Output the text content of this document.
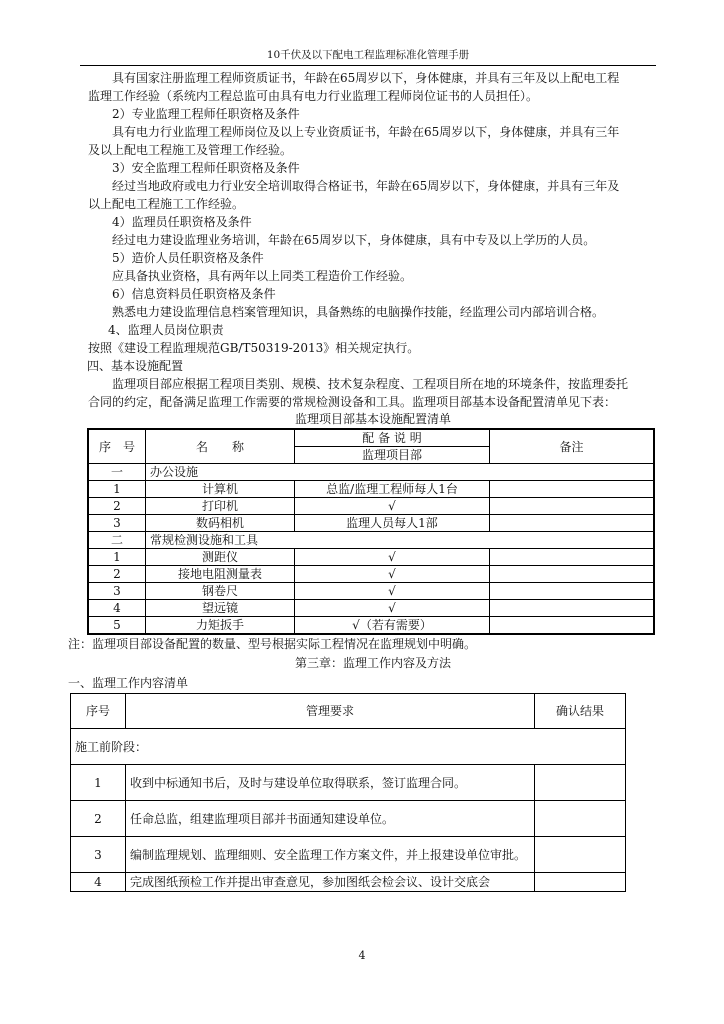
10千伏及以下配电工程监理标准化管理手册

具有国家注册监理工程师资质证书，年龄在65周岁以下，身体健康，并具有三年及以上配电工程

监理工作经验（系统内工程总监可由具有电力行业监理工程师岗位证书的人员担任）。

2）专业监理工程师任职资格及条件

具有电力行业监理工程师岗位及以上专业资质证书，年龄在65周岁以下，身体健康，并具有三年

及以上配电工程施工及管理工作经验。

3）安全监理工程师任职资格及条件

经过当地政府或电力行业安全培训取得合格证书，年龄在65周岁以下，身体健康，并具有三年及

以上配电工程施工工作经验。

4）监理员任职资格及条件

经过电力建设监理业务培训，年龄在65周岁以下，身体健康，具有中专及以上学历的人员。

5）造价人员任职资格及条件

应具备执业资格，具有两年以上同类工程造价工作经验。

6）信息资料员任职资格及条件

熟悉电力建设监理信息档案管理知识，具备熟练的电脑操作技能，经监理公司内部培训合格。

4、监理人员岗位职责

按照《建设工程监理规范GB/T50319-2013》相关规定执行。

四、基本设施配置

监理项目部应根据工程项目类别、规模、技术复杂程度、工程项目所在地的环境条件，按监理委托

合同的约定，配备满足监理工作需要的常规检测设备和工具。监理项目部基本设备配置清单见下表：

监理项目部基本设施配置清单
序　号	名　　称	配 备 说 明	备注
		监理项目部	
一	办公设施		
1	计算机	总监/监理工程师每人1台	
2	打印机	√	
3	数码相机	监理人员每人1部	
二	常规检测设施和工具		
1	测距仪	√	
2	接地电阻测量表	√	
3	钢卷尺	√	
4	望远镜	√	
5	力矩扳手	√（若有需要）	

注：监理项目部设备配置的数量、型号根据实际工程情况在监理规划中明确。

第三章：监理工作内容及方法
一、监理工作内容清单
序号	管理要求	确认结果
施工前阶段：		
1	收到中标通知书后，及时与建设单位取得联系，签订监理合同。	
2	任命总监，组建监理项目部并书面通知建设单位。	
3	编制监理规划、监理细则、安全监理工作方案文件，并上报建设单位审批。	
4	完成图纸预检工作并提出审查意见，参加图纸会检会议、设计交底会	
4
